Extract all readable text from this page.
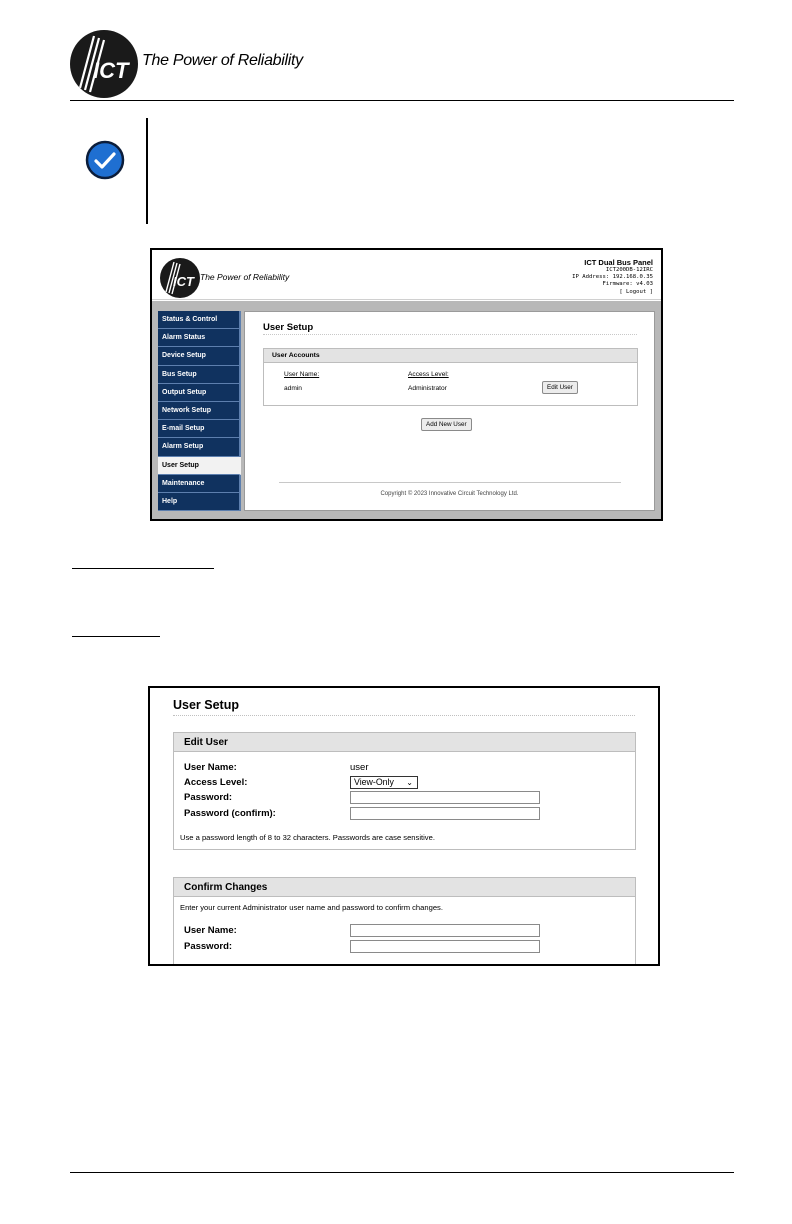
ICT The Power of Reliability
ICT The Power of Reliability
ICT Dual Bus Panel
ICT200DB-12IRC
IP Address: 192.168.0.35
Firmware: v4.03
[ Logout ]
Status & Control
Alarm Status
Device Setup
Bus Setup
Output Setup
Network Setup
E-mail Setup
Alarm Setup
User Setup
Maintenance
Help
User Setup
User Accounts
User Name:	Access Level:
admin	Administrator	Edit User
Add New User
Copyright © 2023 Innovative Circuit Technology Ltd.
User Setup
Edit User
User Name:	user
Access Level:	View-Only ⌄
Password:
Password (confirm):
Use a password length of 8 to 32 characters. Passwords are case sensitive.
Confirm Changes
Enter your current Administrator user name and password to confirm changes.
User Name:
Password:
